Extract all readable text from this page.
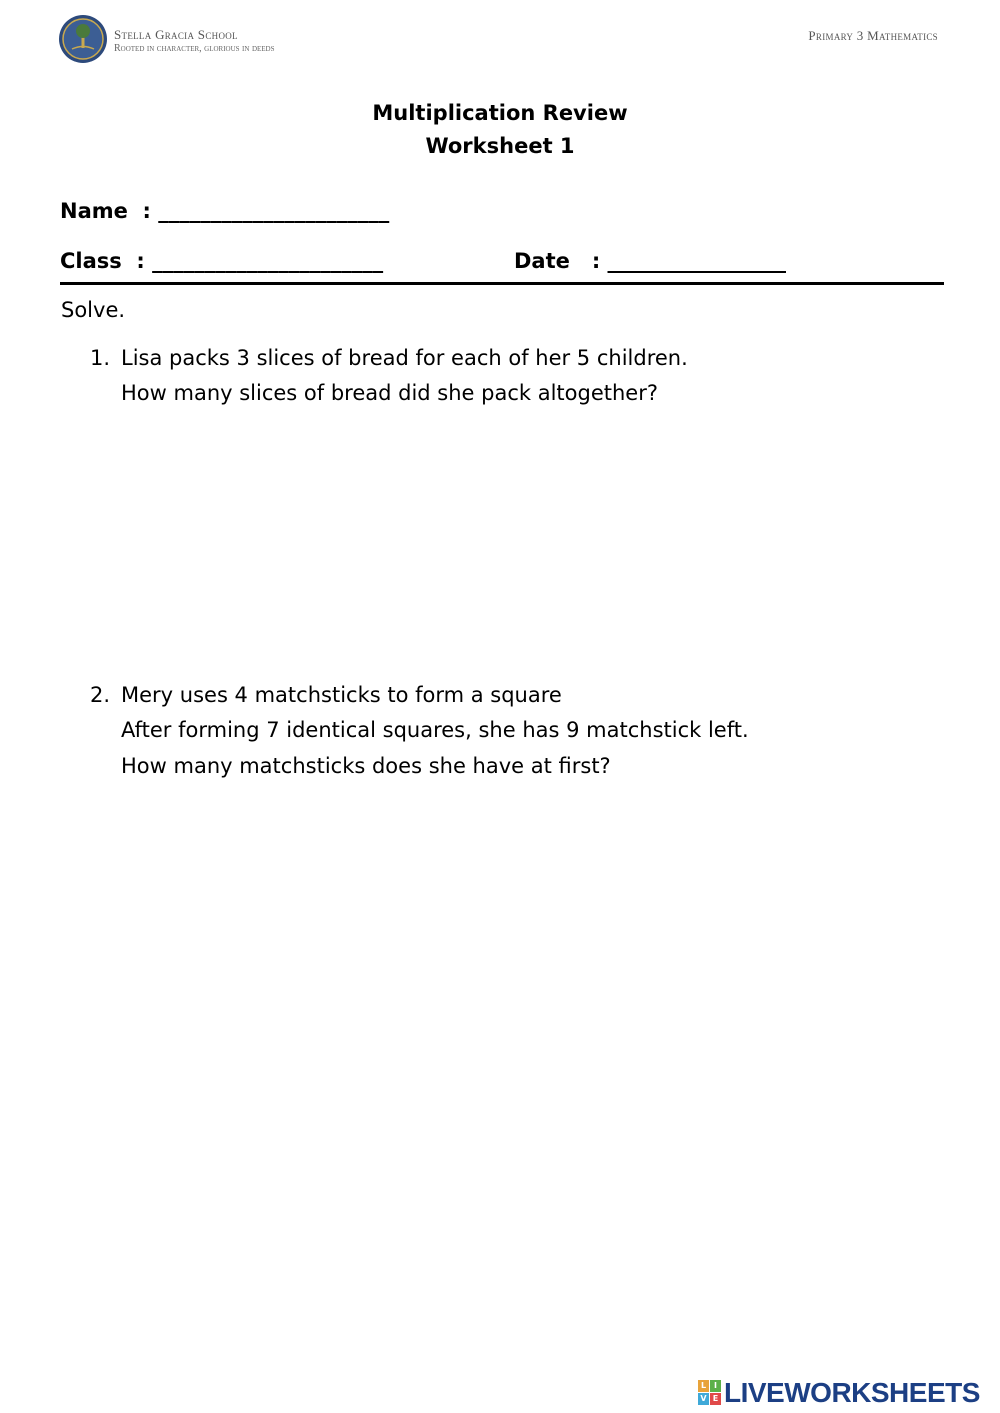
Stella Gracia School
Rooted in character, glorious in deeds
Primary 3 Mathematics
Multiplication Review
Worksheet 1
Name  : ______________________
Class  : ______________________	Date   : _________________
Solve.
1. Lisa packs 3 slices of bread for each of her 5 children.
How many slices of bread did she pack altogether?
2. Mery uses 4 matchsticks to form a square
After forming 7 identical squares, she has 9 matchstick left.
How many matchsticks does she have at first?
L I
V E LIVEWORKSHEETS
